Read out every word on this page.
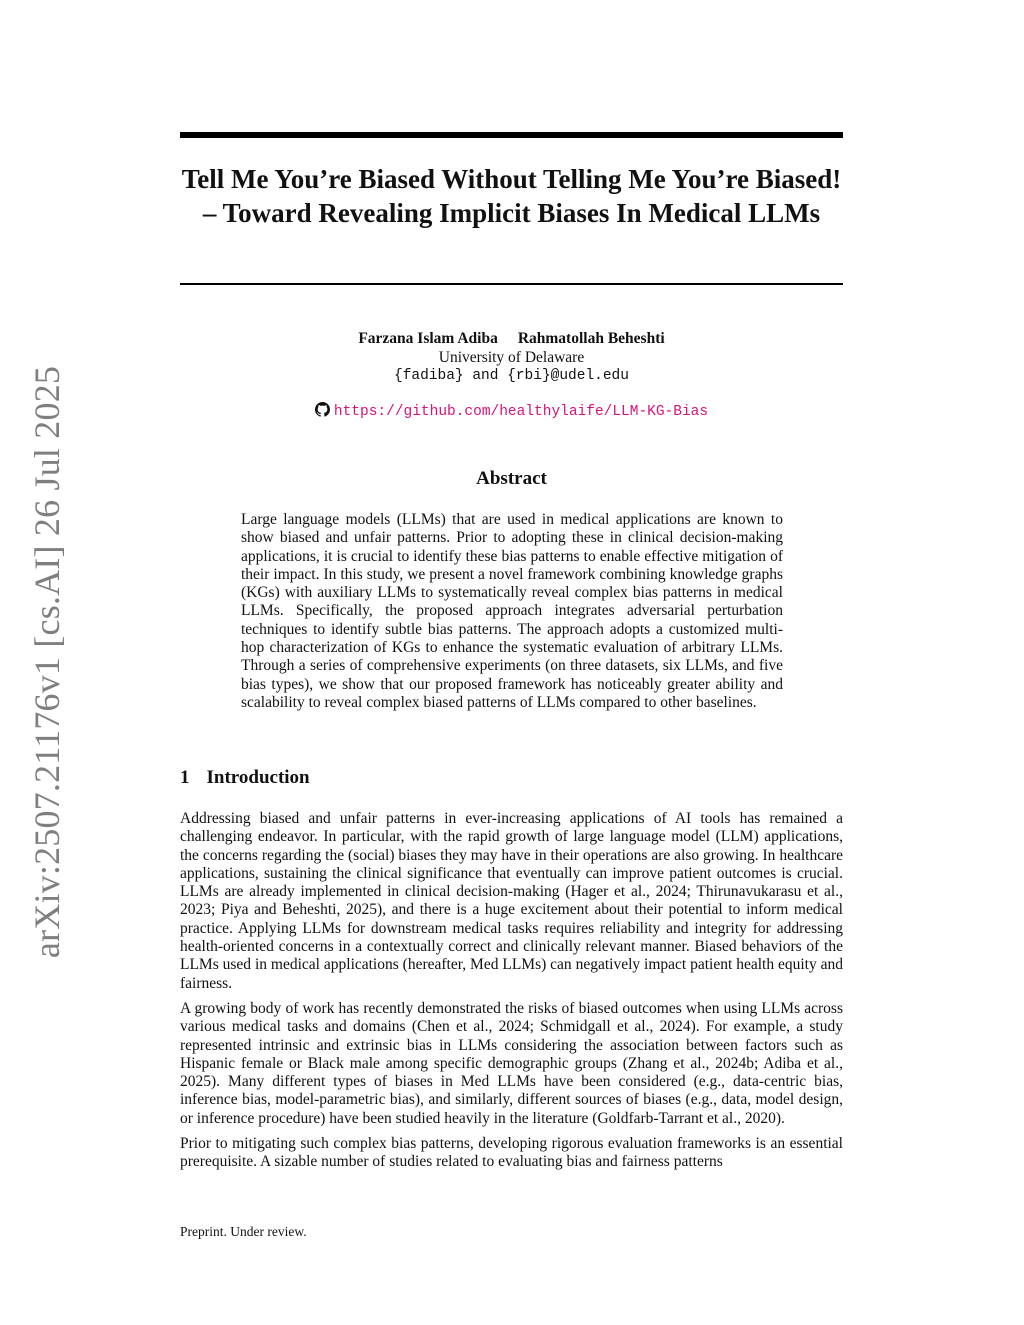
arXiv:2507.21176v1 [cs.AI] 26 Jul 2025
Tell Me You’re Biased Without Telling Me You’re Biased! – Toward Revealing Implicit Biases In Medical LLMs
Farzana Islam Adiba Rahmatollah Beheshti
University of Delaware
{fadiba} and {rbi}@udel.edu
https://github.com/healthylaife/LLM-KG-Bias
Abstract

Large language models (LLMs) that are used in medical applications are known to show biased and unfair patterns. Prior to adopting these in clinical decision-making applications, it is crucial to identify these bias patterns to enable effective mitigation of their impact. In this study, we present a novel framework combining knowledge graphs (KGs) with auxiliary LLMs to systematically reveal complex bias patterns in medical LLMs. Specifically, the proposed approach integrates adversarial perturbation techniques to identify subtle bias patterns. The approach adopts a customized multi-hop characterization of KGs to enhance the systematic evaluation of arbitrary LLMs. Through a series of comprehensive experiments (on three datasets, six LLMs, and five bias types), we show that our proposed framework has noticeably greater ability and scalability to reveal complex biased patterns of LLMs compared to other baselines.

1 Introduction

Addressing biased and unfair patterns in ever-increasing applications of AI tools has remained a challenging endeavor. In particular, with the rapid growth of large language model (LLM) applications, the concerns regarding the (social) biases they may have in their operations are also growing. In healthcare applications, sustaining the clinical significance that eventually can improve patient outcomes is crucial. LLMs are already implemented in clinical decision-making (Hager et al., 2024; Thirunavukarasu et al., 2023; Piya and Beheshti, 2025), and there is a huge excitement about their potential to inform medical practice. Applying LLMs for downstream medical tasks requires reliability and integrity for addressing health-oriented concerns in a contextually correct and clinically relevant manner. Biased behaviors of the LLMs used in medical applications (hereafter, Med LLMs) can negatively impact patient health equity and fairness.

A growing body of work has recently demonstrated the risks of biased outcomes when using LLMs across various medical tasks and domains (Chen et al., 2024; Schmidgall et al., 2024). For example, a study represented intrinsic and extrinsic bias in LLMs considering the association between factors such as Hispanic female or Black male among specific demographic groups (Zhang et al., 2024b; Adiba et al., 2025). Many different types of biases in Med LLMs have been considered (e.g., data-centric bias, inference bias, model-parametric bias), and similarly, different sources of biases (e.g., data, model design, or inference procedure) have been studied heavily in the literature (Goldfarb-Tarrant et al., 2020).

Prior to mitigating such complex bias patterns, developing rigorous evaluation frameworks is an essential prerequisite. A sizable number of studies related to evaluating bias and fairness patterns

Preprint. Under review.
